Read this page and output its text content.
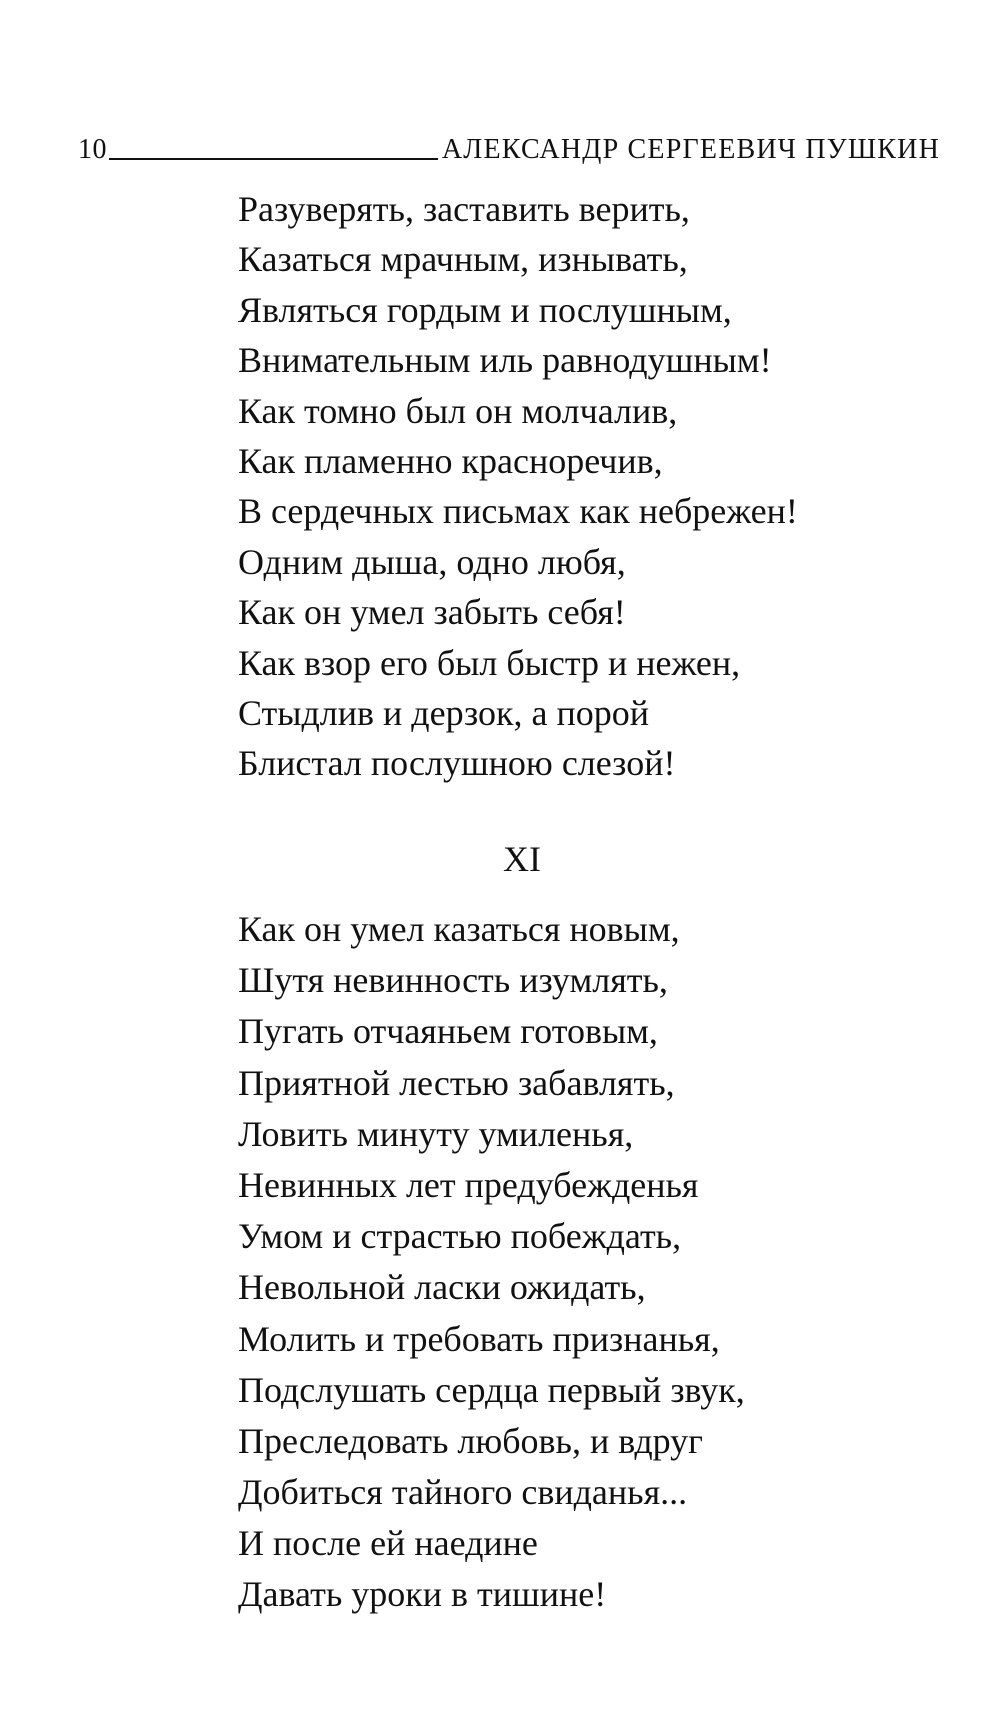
10	АЛЕКСАНДР СЕРГЕЕВИЧ ПУШКИН
Разуверять, заставить верить,
Казаться мрачным, изнывать,
Являться гордым и послушным,
Внимательным иль равнодушным!
Как томно был он молчалив,
Как пламенно красноречив,
В сердечных письмах как небрежен!
Одним дыша, одно любя,
Как он умел забыть себя!
Как взор его был быстр и нежен,
Стыдлив и дерзок, а порой
Блистал послушною слезой!
XI
Как он умел казаться новым,
Шутя невинность изумлять,
Пугать отчаяньем готовым,
Приятной лестью забавлять,
Ловить минуту умиленья,
Невинных лет предубежденья
Умом и страстью побеждать,
Невольной ласки ожидать,
Молить и требовать признанья,
Подслушать сердца первый звук,
Преследовать любовь, и вдруг
Добиться тайного свиданья...
И после ей наедине
Давать уроки в тишине!
